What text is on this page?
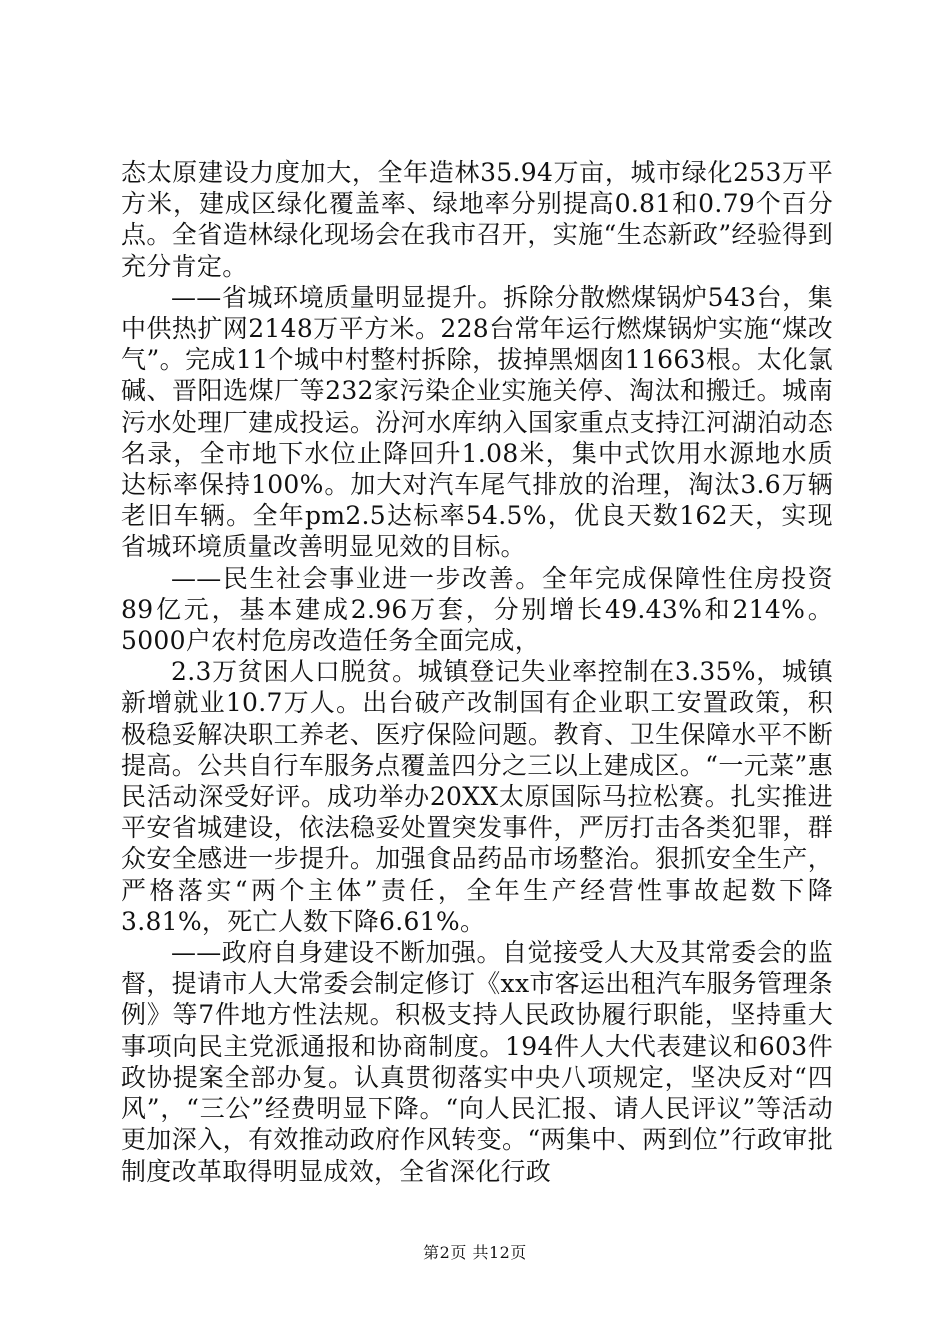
态太原建设力度加大，全年造林35.94万亩，城市绿化253万平方米，建成区绿化覆盖率、绿地率分别提高0.81和0.79个百分点。全省造林绿化现场会在我市召开，实施“生态新政”经验得到充分肯定。

——省城环境质量明显提升。拆除分散燃煤锅炉543台，集中供热扩网2148万平方米。228台常年运行燃煤锅炉实施“煤改气”。完成11个城中村整村拆除，拔掉黑烟囱11663根。太化氯碱、晋阳选煤厂等232家污染企业实施关停、淘汰和搬迁。城南污水处理厂建成投运。汾河水库纳入国家重点支持江河湖泊动态名录，全市地下水位止降回升1.08米，集中式饮用水源地水质达标率保持100%。加大对汽车尾气排放的治理，淘汰3.6万辆老旧车辆。全年pm2.5达标率54.5%，优良天数162天，实现省城环境质量改善明显见效的目标。

——民生社会事业进一步改善。全年完成保障性住房投资89亿元，基本建成2.96万套，分别增长49.43%和214%。5000户农村危房改造任务全面完成，

2.3万贫困人口脱贫。城镇登记失业率控制在3.35%，城镇新增就业10.7万人。出台破产改制国有企业职工安置政策，积极稳妥解决职工养老、医疗保险问题。教育、卫生保障水平不断提高。公共自行车服务点覆盖四分之三以上建成区。“一元菜”惠民活动深受好评。成功举办20XX太原国际马拉松赛。扎实推进平安省城建设，依法稳妥处置突发事件，严厉打击各类犯罪，群众安全感进一步提升。加强食品药品市场整治。狠抓安全生产，严格落实“两个主体”责任，全年生产经营性事故起数下降3.81%，死亡人数下降6.61%。

——政府自身建设不断加强。自觉接受人大及其常委会的监督，提请市人大常委会制定修订《xx市客运出租汽车服务管理条例》等7件地方性法规。积极支持人民政协履行职能，坚持重大事项向民主党派通报和协商制度。194件人大代表建议和603件政协提案全部办复。认真贯彻落实中央八项规定，坚决反对“四风”，“三公”经费明显下降。“向人民汇报、请人民评议”等活动更加深入，有效推动政府作风转变。“两集中、两到位”行政审批制度改革取得明显成效，全省深化行政

第2页 共12页
